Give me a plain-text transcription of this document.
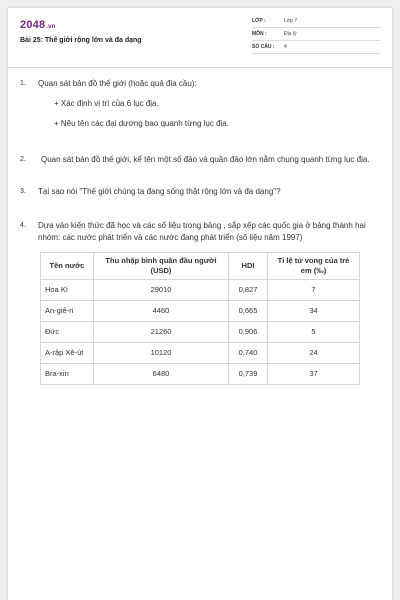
2048.vn
Bài 25: Thế giới rộng lớn và đa dạng
LỚP :	Lớp 7
MÔN :	Địa lý
SỐ CÂU : 4
1.	Quan sát bản đồ thế giới (hoặc quả địa cầu):
+ Xác định vị trí của 6 lục địa.
+ Nêu tên các đại dương bao quanh từng lục địa.
2.	Quan sát bản đồ thế giới, kể tên một số đảo và quần đảo lớn nằm chung quanh từng lục địa.
3.	Tại sao nói "Thế giới chúng ta đang sống thật rộng lớn và đa dạng"?
4.	Dựa vào kiến thức đã học và các số liệu trong bảng , sắp xếp các quốc gia ở bảng thành hai nhóm: các nước phát triển và các nước đang phát triển (số liệu năm 1997)
Tên nước	Thu nhập bình quân đầu người (USD)	HDI	Tỉ lệ tử vong của trẻ em (‰)
Hoa Kì	29010	0,827	7
An-giê-ri	4460	0,665	34
Đức	21260	0,906	5
A-rập Xê-út	10120	0,740	24
Bra-xin	6480	0,739	37
